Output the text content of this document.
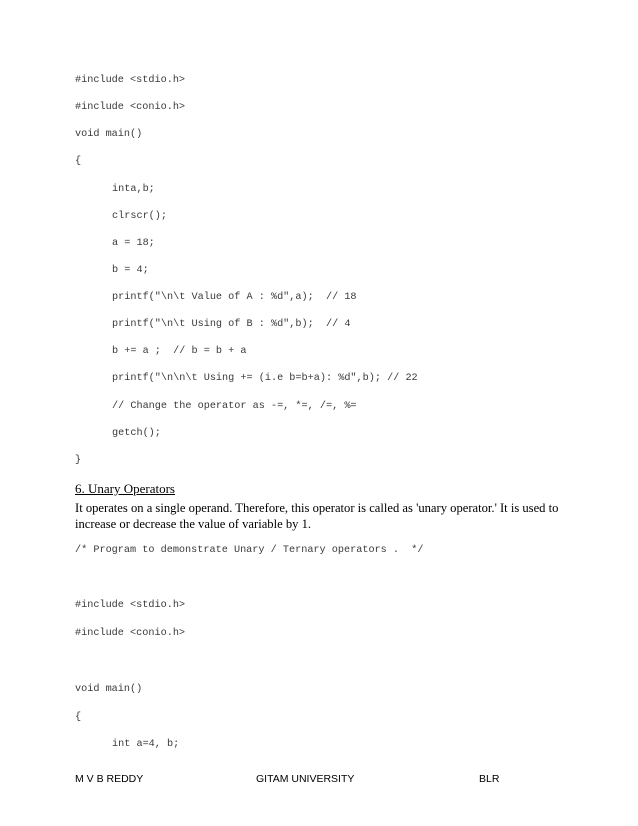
#include <stdio.h>
#include <conio.h>
void main()
{
inta,b;
clrscr();
a = 18;
b = 4;
printf("\n\t Value of A : %d",a);  // 18
printf("\n\t Using of B : %d",b);  // 4
b += a ;  // b = b + a
printf("\n\n\t Using += (i.e b=b+a): %d",b); // 22
// Change the operator as -=, *=, /=, %=
getch();
}
6. Unary Operators
It operates on a single operand. Therefore, this operator is called as 'unary operator.' It is used to increase or decrease the value of variable by 1.
/* Program to demonstrate Unary / Ternary operators .  */
#include <stdio.h>
#include <conio.h>
void main()
{
int a=4, b;
M V B REDDY	GITAM UNIVERSITY	BLR
